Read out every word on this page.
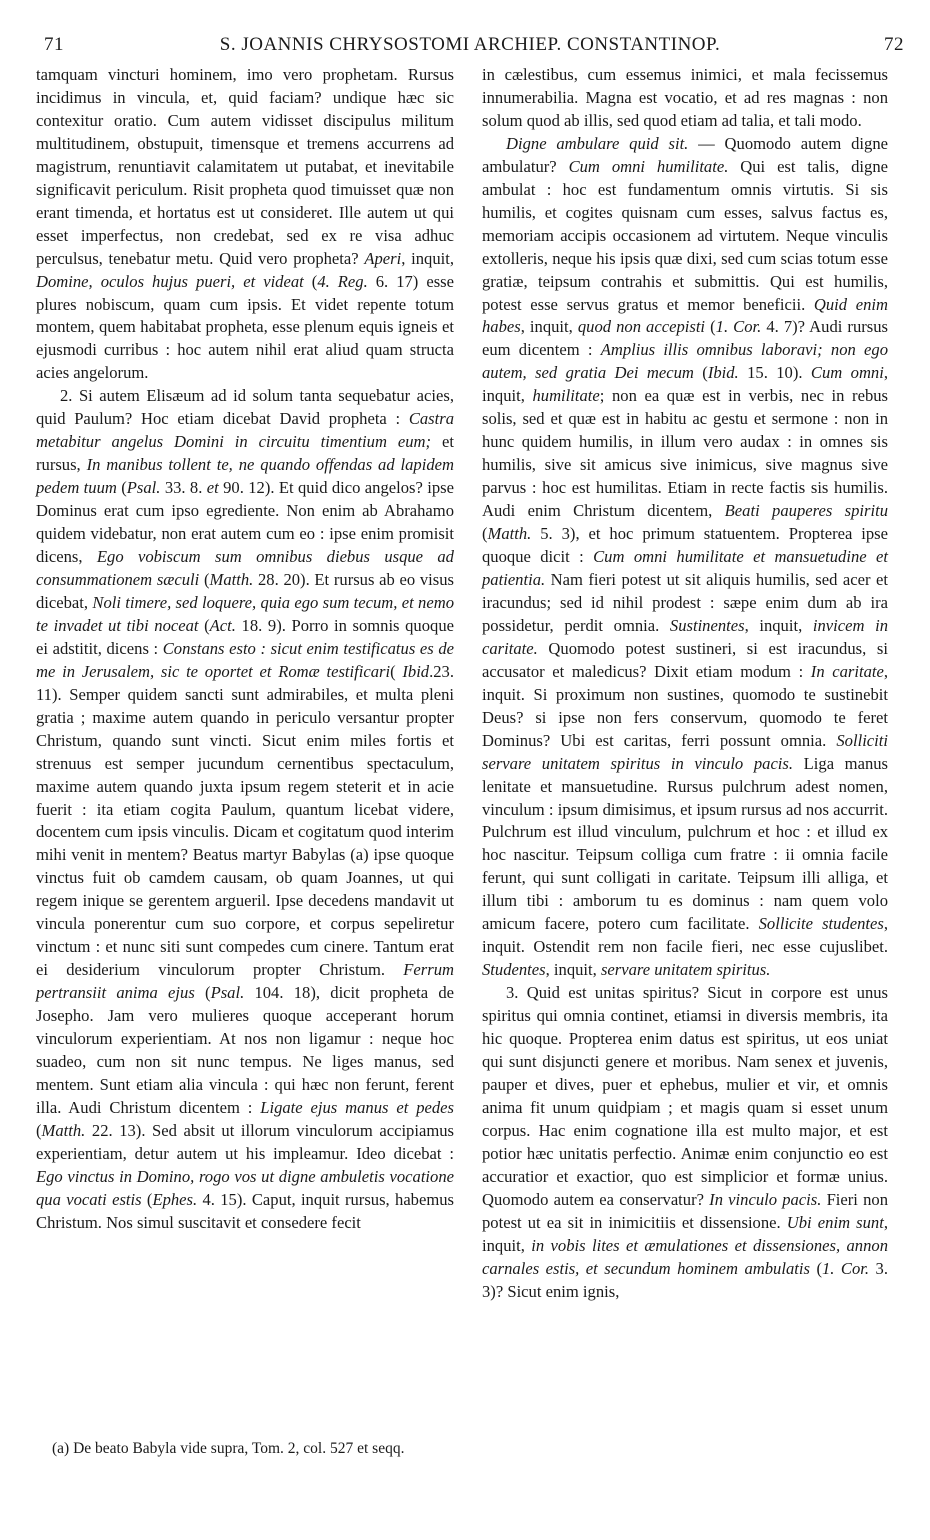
71	S. JOANNIS CHRYSOSTOMI ARCHIEP. CONSTANTINOP.	72

tamquam vincturi hominem, imo vero prophetam. Rursus incidimus in vincula, et, quid faciam? undique hæc sic contexitur oratio. Cum autem vidisset discipulus militum multitudinem, obstupuit, timensque et tremens accurrens ad magistrum, renuntiavit calamitatem ut putabat, et inevitabile significavit periculum. Risit propheta quod timuisset quæ non erant timenda, et hortatus est ut consideret. Ille autem ut qui esset imperfectus, non credebat, sed ex re visa adhuc perculsus, tenebatur metu. Quid vero propheta? Aperi, inquit, Domine, oculos hujus pueri, et videat (4. Reg. 6. 17) esse plures nobiscum, quam cum ipsis. Et videt repente totum montem, quem habitabat propheta, esse plenum equis igneis et ejusmodi curribus : hoc autem nihil erat aliud quam structa acies angelorum.

2. Si autem Elisæum ad id solum tanta sequebatur acies, quid Paulum? Hoc etiam dicebat David propheta : Castra metabitur angelus Domini in circuitu timentium eum; et rursus, In manibus tollent te, ne quando offendas ad lapidem pedem tuum (Psal. 33. 8. et 90. 12). Et quid dico angelos? ipse Dominus erat cum ipso egrediente. Non enim ab Abrahamo quidem videbatur, non erat autem cum eo : ipse enim promisit dicens, Ego vobiscum sum omnibus diebus usque ad consummationem sæculi (Matth. 28. 20). Et rursus ab eo visus dicebat, Noli timere, sed loquere, quia ego sum tecum, et nemo te invadet ut tibi noceat (Act. 18. 9). Porro in somnis quoque ei adstitit, dicens : Constans esto : sicut enim testificatus es de me in Jerusalem, sic te oportet et Romæ testificari( Ibid.23. 11). Semper quidem sancti sunt admirabiles, et multa pleni gratia ; maxime autem quando in periculo versantur propter Christum, quando sunt vincti. Sicut enim miles fortis et strenuus est semper jucundum cernentibus spectaculum, maxime autem quando juxta ipsum regem steterit et in acie fuerit : ita etiam cogita Paulum, quantum licebat videre, docentem cum ipsis vinculis. Dicam et cogitatum quod interim mihi venit in mentem? Beatus martyr Babylas (a) ipse quoque vinctus fuit ob camdem causam, ob quam Joannes, ut qui regem inique se gerentem argueril. Ipse decedens mandavit ut vincula ponerentur cum suo corpore, et corpus sepeliretur vinctum : et nunc siti sunt compedes cum cinere. Tantum erat ei desiderium vinculorum propter Christum. Ferrum pertransiit anima ejus (Psal. 104. 18), dicit propheta de Josepho. Jam vero mulieres quoque acceperant horum vinculorum experientiam. At nos non ligamur : neque hoc suadeo, cum non sit nunc tempus. Ne liges manus, sed mentem. Sunt etiam alia vincula : qui hæc non ferunt, ferent illa. Audi Christum dicentem : Ligate ejus manus et pedes (Matth. 22. 13). Sed absit ut illorum vinculorum accipiamus experientiam, detur autem ut his impleamur. Ideo dicebat : Ego vinctus in Domino, rogo vos ut digne ambuletis vocatione qua vocati estis (Ephes. 4. 15). Caput, inquit rursus, habemus Christum. Nos simul suscitavit et consedere fecit

(a) De beato Babyla vide supra, Tom. 2, col. 527 et seqq.

in cælestibus, cum essemus inimici, et mala fecissemus innumerabilia. Magna est vocatio, et ad res magnas : non solum quod ab illis, sed quod etiam ad talia, et tali modo.

Digne ambulare quid sit. — Quomodo autem digne ambulatur? Cum omni humilitate. Qui est talis, digne ambulat : hoc est fundamentum omnis virtutis. Si sis humilis, et cogites quisnam cum esses, salvus factus es, memoriam accipis occasionem ad virtutem. Neque vinculis extolleris, neque his ipsis quæ dixi, sed cum scias totum esse gratiæ, teipsum contrahis et submittis. Qui est humilis, potest esse servus gratus et memor beneficii. Quid enim habes, inquit, quod non accepisti (1. Cor. 4. 7)? Audi rursus eum dicentem : Amplius illis omnibus laboravi; non ego autem, sed gratia Dei mecum (Ibid. 15. 10). Cum omni, inquit, humilitate; non ea quæ est in verbis, nec in rebus solis, sed et quæ est in habitu ac gestu et sermone : non in hunc quidem humilis, in illum vero audax : in omnes sis humilis, sive sit amicus sive inimicus, sive magnus sive parvus : hoc est humilitas. Etiam in recte factis sis humilis. Audi enim Christum dicentem, Beati pauperes spiritu (Matth. 5. 3), et hoc primum statuentem. Propterea ipse quoque dicit : Cum omni humilitate et mansuetudine et patientia. Nam fieri potest ut sit aliquis humilis, sed acer et iracundus; sed id nihil prodest : sæpe enim dum ab ira possidetur, perdit omnia. Sustinentes, inquit, invicem in caritate. Quomodo potest sustineri, si est iracundus, si accusator et maledicus? Dixit etiam modum : In caritate, inquit. Si proximum non sustines, quomodo te sustinebit Deus? si ipse non fers conservum, quomodo te feret Dominus? Ubi est caritas, ferri possunt omnia. Solliciti servare unitatem spiritus in vinculo pacis. Liga manus lenitate et mansuetudine. Rursus pulchrum adest nomen, vinculum : ipsum dimisimus, et ipsum rursus ad nos accurrit. Pulchrum est illud vinculum, pulchrum et hoc : et illud ex hoc nascitur. Teipsum colliga cum fratre : ii omnia facile ferunt, qui sunt colligati in caritate. Teipsum illi alliga, et illum tibi : amborum tu es dominus : nam quem volo amicum facere, potero cum facilitate. Sollicite studentes, inquit. Ostendit rem non facile fieri, nec esse cujuslibet. Studentes, inquit, servare unitatem spiritus.

3. Quid est unitas spiritus? Sicut in corpore est unus spiritus qui omnia continet, etiamsi in diversis membris, ita hic quoque. Propterea enim datus est spiritus, ut eos uniat qui sunt disjuncti genere et moribus. Nam senex et juvenis, pauper et dives, puer et ephebus, mulier et vir, et omnis anima fit unum quidpiam ; et magis quam si esset unum corpus. Hac enim cognatione illa est multo major, et est potior hæc unitatis perfectio. Animæ enim conjunctio eo est accuratior et exactior, quo est simplicior et formæ unius. Quomodo autem ea conservatur? In vinculo pacis. Fieri non potest ut ea sit in inimicitiis et dissensione. Ubi enim sunt, inquit, in vobis lites et æmulationes et dissensiones, annon carnales estis, et secundum hominem ambulatis (1. Cor. 3. 3)? Sicut enim ignis,
